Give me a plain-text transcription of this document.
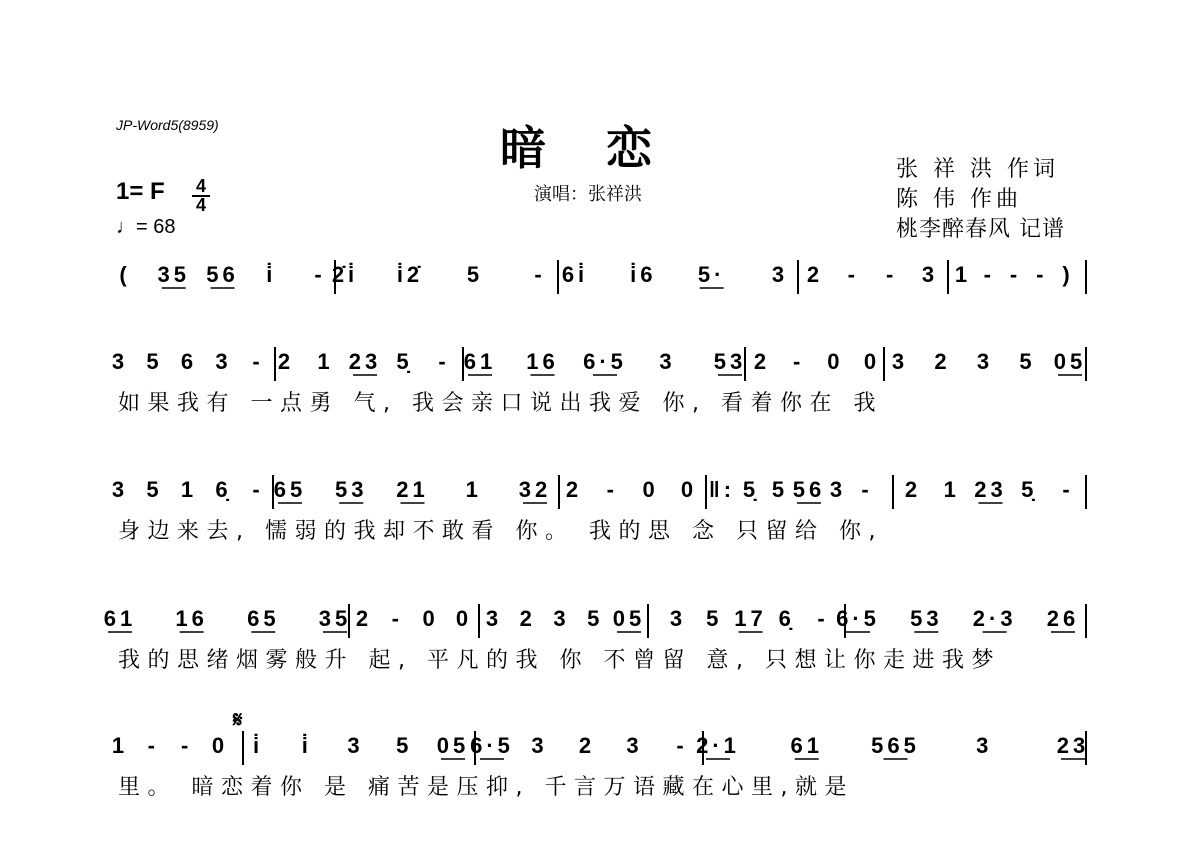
JP-Word5(8959)	暗恋
演唱：张祥洪
张 祥 洪 作词
陈 伟 作曲
桃李醉春风 记谱
1= F 4
4
♩= 68
( 35 56 i̇ - 2̇i̇ i̇2̇ 5 - 6i̇ i̇6 5· 3 2 - - 3 1 - - - )
3 5 6 3 - 2 1 23 5̣ - 61 16 6·5 3 53 2 - 0 0 3 2 3 5 05
如果我有 一点勇 气, 我会亲口说出我爱 你, 看着你在 我
3 5 1 6̣ - 65 53 21 1 32 2 - 0 0 ‖: 5̣ 5 56 3 - 2 1 23 5̣ -
身边来去, 懦弱的我却不敢看 你。 我的思 念 只留给 你,
61 16 65 35 2 - 0 0 3 2 3 5 05 3 5 17 6̣ - 6·5 53 2·3 26
我的思绪烟雾般升 起, 平凡的我 你 不曾留 意, 只想让你走进我梦
1 - - 0 i̇ i̇ 3 5 05 6·5 3 2 3 - 2·1 61 565	3	23
里。 暗恋着你 是 痛苦是压抑, 千言万语藏在心里,就是
𝄋
